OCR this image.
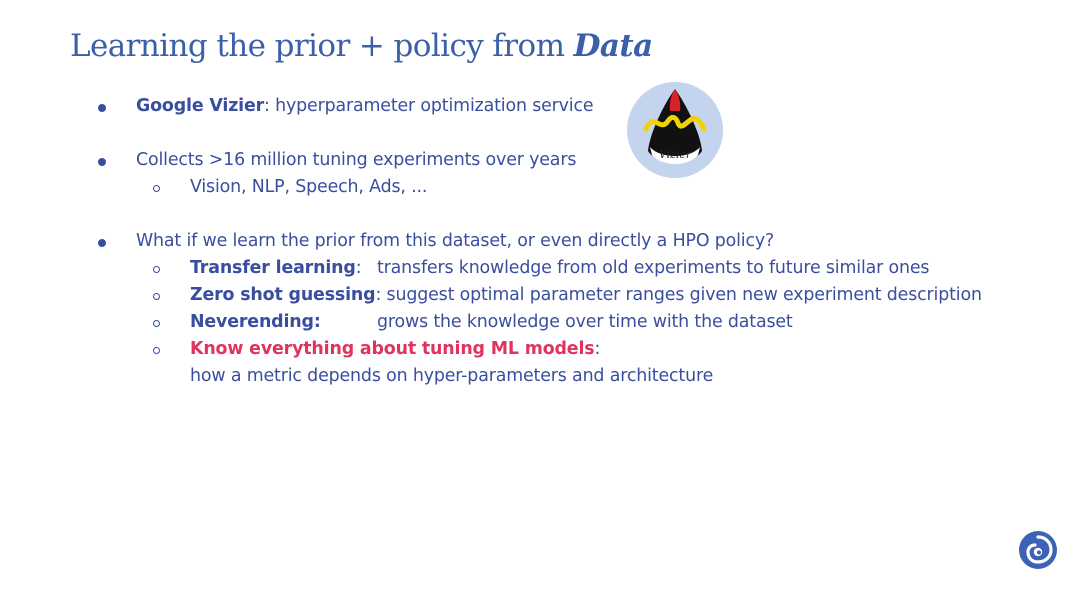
Learning the prior + policy from Data
Google Vizier: hyperparameter optimization service
Collects >16 million tuning experiments over years
Vision, NLP, Speech, Ads, ...
What if we learn the prior from this dataset, or even directly a HPO policy?
Transfer learning: transfers knowledge from old experiments to future similar ones
Zero shot guessing: suggest optimal parameter ranges given new experiment description
Neverending:	grows the knowledge over time with the dataset
Know everything about tuning ML models:
how a metric depends on hyper-parameters and architecture
Vizier
